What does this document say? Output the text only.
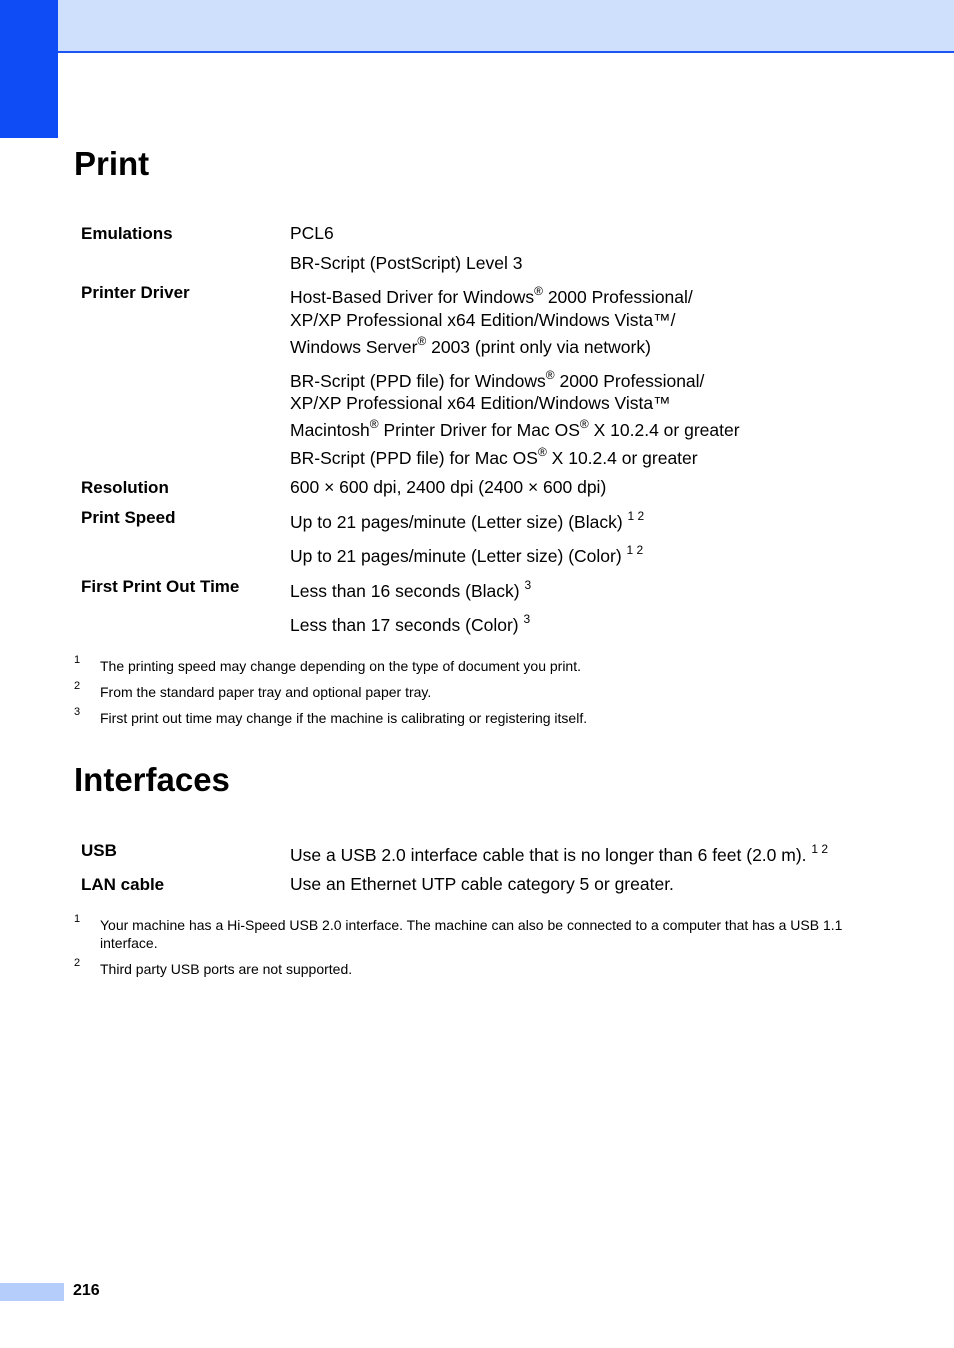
Print
Emulations	PCL6
BR-Script (PostScript) Level 3
Printer Driver	Host-Based Driver for Windows® 2000 Professional/
XP/XP Professional x64 Edition/Windows Vista™/
Windows Server® 2003 (print only via network)
BR-Script (PPD file) for Windows® 2000 Professional/
XP/XP Professional x64 Edition/Windows Vista™
Macintosh® Printer Driver for Mac OS® X 10.2.4 or greater
BR-Script (PPD file) for Mac OS® X 10.2.4 or greater
Resolution	600 × 600 dpi, 2400 dpi (2400 × 600 dpi)
Print Speed	Up to 21 pages/minute (Letter size) (Black) $^{1 2}$
Up to 21 pages/minute (Letter size) (Color) $^{1 2}$
First Print Out Time	Less than 16 seconds (Black) $^3$
Less than 17 seconds (Color) $^3$
1 The printing speed may change depending on the type of document you print.
2 From the standard paper tray and optional paper tray.
3 First print out time may change if the machine is calibrating or registering itself.
Interfaces
USB	Use a USB 2.0 interface cable that is no longer than 6 feet (2.0 m). $^{1 2}$
LAN cable	Use an Ethernet UTP cable category 5 or greater.
1 Your machine has a Hi-Speed USB 2.0 interface. The machine can also be connected to a computer that has a USB 1.1 interface.
2 Third party USB ports are not supported.
216
